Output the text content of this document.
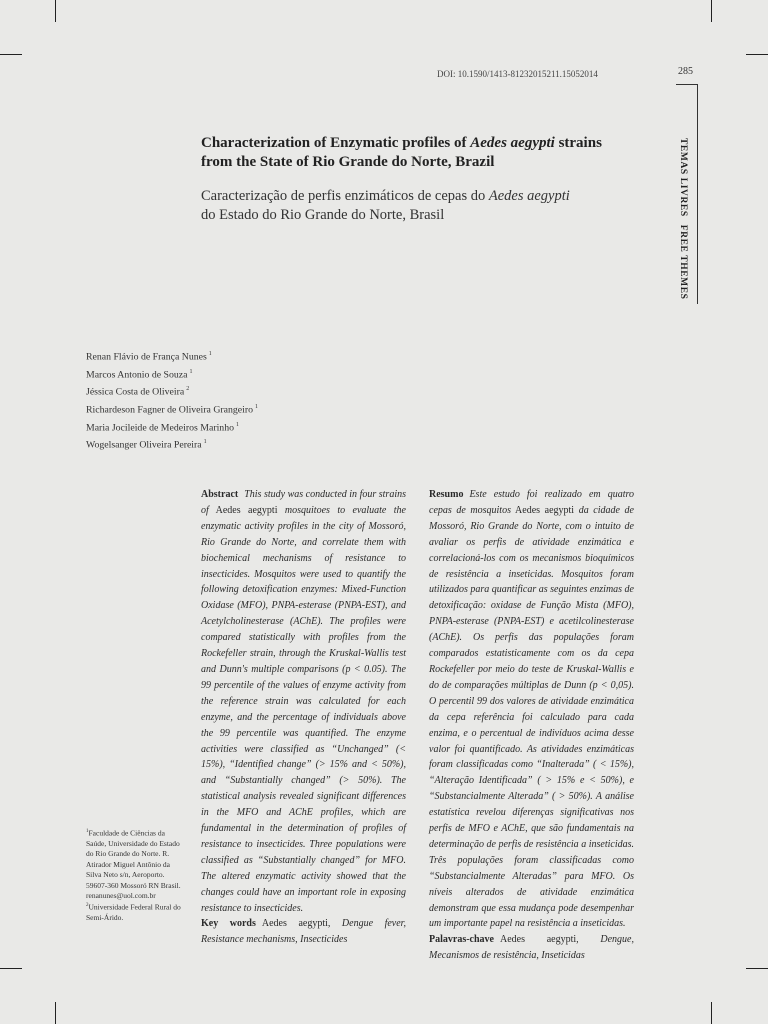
DOI: 10.1590/1413-81232015211.15052014	285
TEMAS LIVRESFREE THEMES
Characterization of Enzymatic profiles of Aedes aegypti strains from the State of Rio Grande do Norte, Brazil
Caracterização de perfis enzimáticos de cepas do Aedes aegypti
do Estado do Rio Grande do Norte, Brasil
Renan Flávio de França Nunes $^1$
Marcos Antonio de Souza $^1$
Jéssica Costa de Oliveira $^2$
Richardeson Fagner de Oliveira Grangeiro $^1$
Maria Jocileide de Medeiros Marinho $^1$
Wogelsanger Oliveira Pereira $^1$
Abstract This study was conducted in four strains of Aedes aegypti mosquitoes to evaluate the enzymatic activity profiles in the city of Mossoró, Rio Grande do Norte, and correlate them with biochemical mechanisms of resistance to insecticides. Mosquitos were used to quantify the following detoxification enzymes: Mixed-Function Oxidase (MFO), PNPA-esterase (PNPA-EST), and Acetylcholinesterase (AChE). The profiles were compared statistically with profiles from the Rockefeller strain, through the Kruskal-Wallis test and Dunn's multiple comparisons (p < 0.05). The 99 percentile of the values of enzyme activity from the reference strain was calculated for each enzyme, and the percentage of individuals above the 99 percentile was quantified. The enzyme activities were classified as “Unchanged” (< 15%), “Identified change” (> 15% and < 50%), and “Substantially changed” (> 50%). The statistical analysis revealed significant differences in the MFO and AChE profiles, which are fundamental in the determination of profiles of resistance to insecticides. Three populations were classified as “Substantially changed” for MFO. The altered enzymatic activity showed that the changes could have an important role in exposing resistance to insecticides.
Key words Aedes aegypti, Dengue fever, Resistance mechanisms, Insecticides
Resumo Este estudo foi realizado em quatro cepas de mosquitos Aedes aegypti da cidade de Mossoró, Rio Grande do Norte, com o intuito de avaliar os perfis de atividade enzimática e correlacioná-los com os mecanismos bioquímicos de resistência a inseticidas. Mosquitos foram utilizados para quantificar as seguintes enzimas de detoxificação: oxidase de Função Mista (MFO), PNPA-esterase (PNPA-EST) e acetilcolinesterase (AChE). Os perfis das populações foram comparados estatisticamente com os da cepa Rockefeller por meio do teste de Kruskal-Wallis e do de comparações múltiplas de Dunn (p < 0,05). O percentil 99 dos valores de atividade enzimática da cepa referência foi calculado para cada enzima, e o percentual de indivíduos acima desse valor foi quantificado. As atividades enzimáticas foram classificadas como “Inalterada” ( < 15%), “Alteração Identificada” ( > 15% e < 50%), e “Substancialmente Alterada” ( > 50%). A análise estatística revelou diferenças significativas nos perfis de MFO e AChE, que são fundamentais na determinação de perfis de resistência a inseticidas. Três populações foram classificadas como “Substancialmente Alteradas” para MFO. Os níveis alterados de atividade enzimática demonstram que essa mudança pode desempenhar um importante papel na resistência a inseticidas.
Palavras-chave Aedes aegypti, Dengue, Mecanismos de resistência, Inseticidas
$^1$Faculdade de Ciências da Saúde, Universidade do Estado do Rio Grande do Norte. R. Atirador Miguel Antônio da Silva Neto s/n, Aeroporto. 59607-360 Mossoró RN Brasil.
renanunes@uol.com.br
$^2$Universidade Federal Rural do Semi-Árido.
